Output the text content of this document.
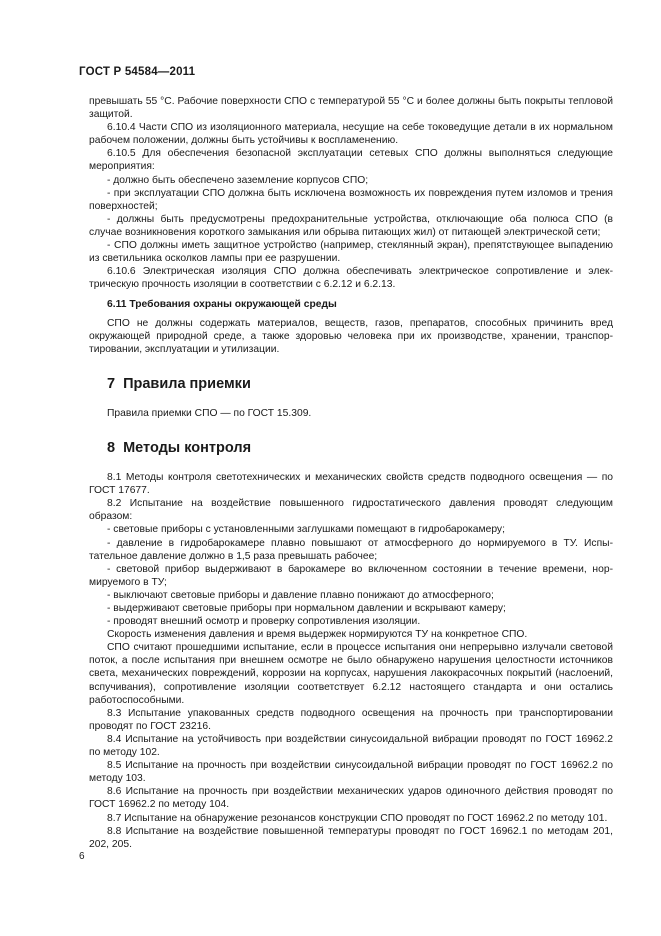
ГОСТ Р 54584—2011

превышать 55 °С. Рабочие поверхности СПО с температурой 55 °С и более должны быть покрыты тепловой защитой.

6.10.4 Части СПО из изоляционного материала, несущие на себе токоведущие детали в их нормальном рабочем положении, должны быть устойчивы к воспламенению.

6.10.5 Для обеспечения безопасной эксплуатации сетевых СПО должны выполняться следующие мероприятия:

- должно быть обеспечено заземление корпусов СПО;

- при эксплуатации СПО должна быть исключена возможность их повреждения путем изломов и трения поверхностей;

- должны быть предусмотрены предохранительные устройства, отключающие оба полюса СПО (в случае возникновения короткого замыкания или обрыва питающих жил) от питающей электрической сети;

- СПО должны иметь защитное устройство (например, стеклянный экран), препятствующее выпадению из светильника осколков лампы при ее разрушении.

6.10.6 Электрическая изоляция СПО должна обеспечивать электрическое сопротивление и электрическую прочность изоляции в соответствии с 6.2.12 и 6.2.13.

6.11 Требования охраны окружающей среды

СПО не должны содержать материалов, веществ, газов, препаратов, способных причинить вред окружающей природной среде, а также здоровью человека при их производстве, хранении, транспортировании, эксплуатации и утилизации.

7 Правила приемки

Правила приемки СПО — по ГОСТ 15.309.

8 Методы контроля

8.1 Методы контроля светотехнических и механических свойств средств подводного освещения — по ГОСТ 17677.

8.2 Испытание на воздействие повышенного гидростатического давления проводят следующим образом:

- световые приборы с установленными заглушками помещают в гидробарокамеру;

- давление в гидробарокамере плавно повышают от атмосферного до нормируемого в ТУ. Испытательное давление должно в 1,5 раза превышать рабочее;

- световой прибор выдерживают в барокамере во включенном состоянии в течение времени, нормируемого в ТУ;

- выключают световые приборы и давление плавно понижают до атмосферного;

- выдерживают световые приборы при нормальном давлении и вскрывают камеру;

- проводят внешний осмотр и проверку сопротивления изоляции.

Скорость изменения давления и время выдержек нормируются ТУ на конкретное СПО.

СПО считают прошедшими испытание, если в процессе испытания они непрерывно излучали световой поток, а после испытания при внешнем осмотре не было обнаружено нарушения целостности источников света, механических повреждений, коррозии на корпусах, нарушения лакокрасочных покрытий (наслоений, вспучивания), сопротивление изоляции соответствует 6.2.12 настоящего стандарта и они остались работоспособными.

8.3 Испытание упакованных средств подводного освещения на прочность при транспортировании проводят по ГОСТ 23216.

8.4 Испытание на устойчивость при воздействии синусоидальной вибрации проводят по ГОСТ 16962.2 по методу 102.

8.5 Испытание на прочность при воздействии синусоидальной вибрации проводят по ГОСТ 16962.2 по методу 103.

8.6 Испытание на прочность при воздействии механических ударов одиночного действия проводят по ГОСТ 16962.2 по методу 104.

8.7 Испытание на обнаружение резонансов конструкции СПО проводят по ГОСТ 16962.2 по методу 101.

8.8 Испытание на воздействие повышенной температуры проводят по ГОСТ 16962.1 по методам 201, 202, 205.

6
